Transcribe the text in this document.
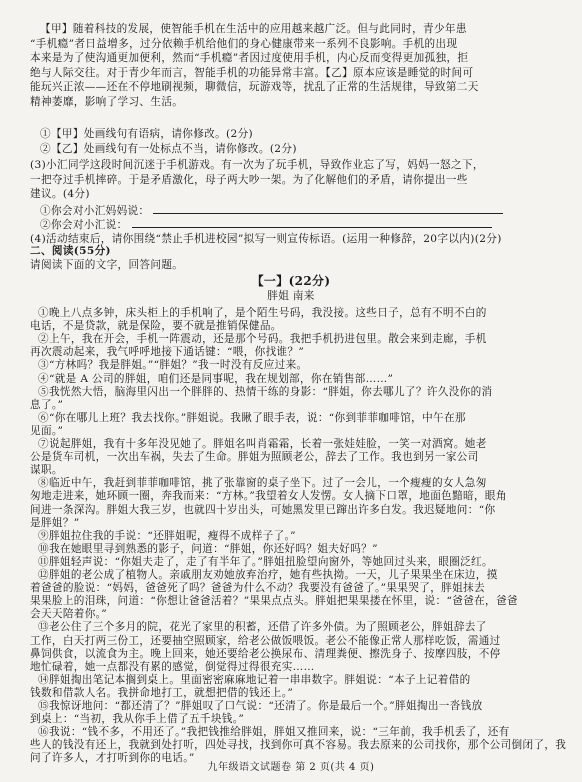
【甲】随着科技的发展，使智能手机在生活中的应用越来越广泛。但与此同时，青少年患
“手机瘾”者日益增多，过分依赖手机给他们的身心健康带来一系列不良影响。手机的出现
本来是为了使沟通更加便利，然而“手机瘾”者因过度使用手机，内心反而变得更加孤独，拒
绝与人际交往。对于青少年而言，智能手机的功能异常丰富。【乙】原本应该是睡觉的时间可
能玩兴正浓——还在不停地刷视频，聊微信，玩游戏等，扰乱了正常的生活规律，导致第二天
精神萎靡，影响了学习、生活。
①【甲】处画线句有语病，请你修改。(2分)
②【乙】处画线句有一处标点不当，请你修改。(2分)
(3)小汇同学这段时间沉迷于手机游戏。有一次为了玩手机，导致作业忘了写，妈妈一怒之下，
一把夺过手机摔碎。于是矛盾激化，母子两大吵一架。为了化解他们的矛盾，请你提出一些
建议。(4分)
①你会对小汇妈妈说：
②你会对小汇说：
(4)活动结束后，请你围绕“禁止手机进校园”拟写一则宣传标语。(运用一种修辞，20字以内)(2分)
二、阅读(55分)
请阅读下面的文字，回答问题。
【一】(22分)
胖姐 南来
①晚上八点多钟，床头柜上的手机响了，是个陌生号码，我没接。这些日子，总有不明不白的
电话，不是贷款，就是保险，要不就是推销保健品。
②上午，我在开会，手机一阵震动，还是那个号码。我把手机扔进包里。散会来到走廊，手机
再次震动起来，我气呼呼地接下通话键：“喂，你找谁？”
③“方林吗？我是胖姐。”“胖姐？”我一时没有反应过来。
④“就是 A 公司的胖姐，咱们还是同事呢，我在规划部，你在销售部……”
⑤我恍然大悟，脑海里闪出一个胖胖的、热情干练的身影：“胖姐，你去哪儿了？许久没你的消
息了。”
⑥“你在哪儿上班？我去找你。”胖姐说。我瞅了眼手表，说：“你到菲菲咖啡馆，中午在那
见面。”
⑦说起胖姐，我有十多年没见她了。胖姐名叫肖霜霜，长着一张娃娃脸，一笑一对酒窝。她老
公是货车司机，一次出车祸，失去了生命。胖姐为照顾老公，辞去了工作。我也到另一家公司
谋职。
⑧临近中午，我赶到菲菲咖啡馆，挑了张靠窗的桌子坐下。过了一会儿，一个瘦瘦的女人急匆
匆地走进来，她环顾一圈，奔我而来：“方林。”我望着女人发愣。女人摘下口罩，地面色黯暗，眼角
间进一条深沟。胖姐大我三岁，也就四十岁出头，可她黑发里已蹿出许多白发。我迟疑地问：“你
是胖姐？”
⑨胖姐拉住我的手说：“还胖姐呢，瘦得不成样子了。”
⑩我在她眼里寻到熟悉的影子，问道：“胖姐，你还好吗？姐夫好吗？”
⑪胖姐轻声说：“你姐夫走了，走了有半年了。”胖姐扭脸望向窗外，等她回过头来，眼圈泛红。
⑫胖姐的老公成了植物人。亲戚朋友劝她放弃治疗，她有些执拗。一天，儿子果果坐在床边，摸
着爸爸的脸说：“妈妈，爸爸死了吗？爸爸为什么不动？我要没有爸爸了。”果果哭了，胖姐抹去
果果脸上的泪珠，问道：“你想让爸爸活着？”果果点点头。胖姐把果果搂在怀里，说：“爸爸在，爸爸
会天天陪着你。”
⑬老公住了三个多月的院，花光了家里的积蓄，还借了许多外债。为了照顾老公，胖姐辞去了
工作，白天打两三份工，还要抽空照顾家，给老公做饭喂饭。老公不能像正常人那样吃饭，需通过
鼻饲供食，以流食为主。晚上回来，她还要给老公换尿布、清理粪便、擦洗身子、按摩四肢，不停
地忙碌着，她一点都没有累的感觉，倒觉得过得很充实……
⑭胖姐掏出笔记本搁到桌上。里面密密麻麻地记着一串串数字。胖姐说：“本子上记着借的
钱数和借款人名。我拼命地打工，就想把借的钱还上。”
⑮我惊讶地问：“都还清了？”胖姐叹了口气说：“还清了。你是最后一个。”胖姐掏出一沓钱放
到桌上：“当初，我从你手上借了五千块钱。”
⑯我说：“钱不多，不用还了。”我把钱推给胖姐，胖姐又推回来，说：“三年前，我手机丢了，还有
些人的钱没有还上，我就到处打听，四处寻找，找到你可真不容易。我去原来的公司找你，那个公司倒闭了，我
问了许多人，才打听到你的电话。”
九年级语文试题卷 第 2 页(共 4 页)
